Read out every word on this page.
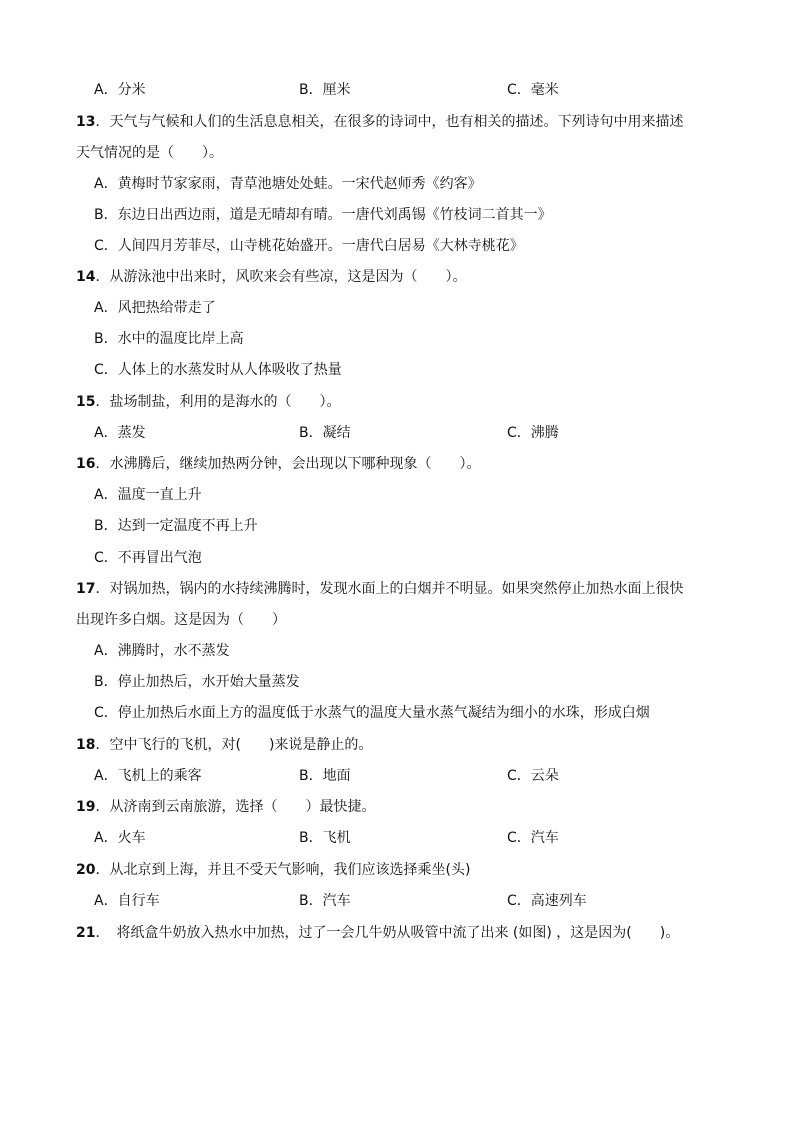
A．分米	B．厘米	C．毫米
13．天气与气候和人们的生活息息相关，在很多的诗词中，也有相关的描述。下列诗句中用来描述
天气情况的是（　　）。
A．黄梅时节家家雨，青草池塘处处蛙。一宋代赵师秀《约客》
B．东边日出西边雨，道是无晴却有晴。一唐代刘禹锡《竹枝词二首其一》
C．人间四月芳菲尽，山寺桃花始盛开。一唐代白居易《大林寺桃花》
14．从游泳池中出来时，风吹来会有些凉，这是因为（　　）。
A．风把热给带走了
B．水中的温度比岸上高
C．人体上的水蒸发时从人体吸收了热量
15．盐场制盐，利用的是海水的（　　）。
A．蒸发	B．凝结	C．沸腾
16．水沸腾后，继续加热两分钟，会出现以下哪种现象（　　）。
A．温度一直上升
B．达到一定温度不再上升
C．不再冒出气泡
17．对锅加热，锅内的水持续沸腾时，发现水面上的白烟并不明显。如果突然停止加热水面上很快
出现许多白烟。这是因为（　　）
A．沸腾时，水不蒸发
B．停止加热后，水开始大量蒸发
C．停止加热后水面上方的温度低于水蒸气的温度大量水蒸气凝结为细小的水珠，形成白烟
18．空中飞行的飞机，对(　　)来说是静止的。
A．飞机上的乘客	B．地面	C．云朵
19．从济南到云南旅游，选择（　　）最快捷。
A．火车	B．飞机	C．汽车
20．从北京到上海，并且不受天气影响，我们应该选择乘坐(头)
A．自行车	B．汽车	C．高速列车
21．　将纸盒牛奶放入热水中加热，过了一会几牛奶从吸管中流了出来 (如图) ，这是因为(　　)。
